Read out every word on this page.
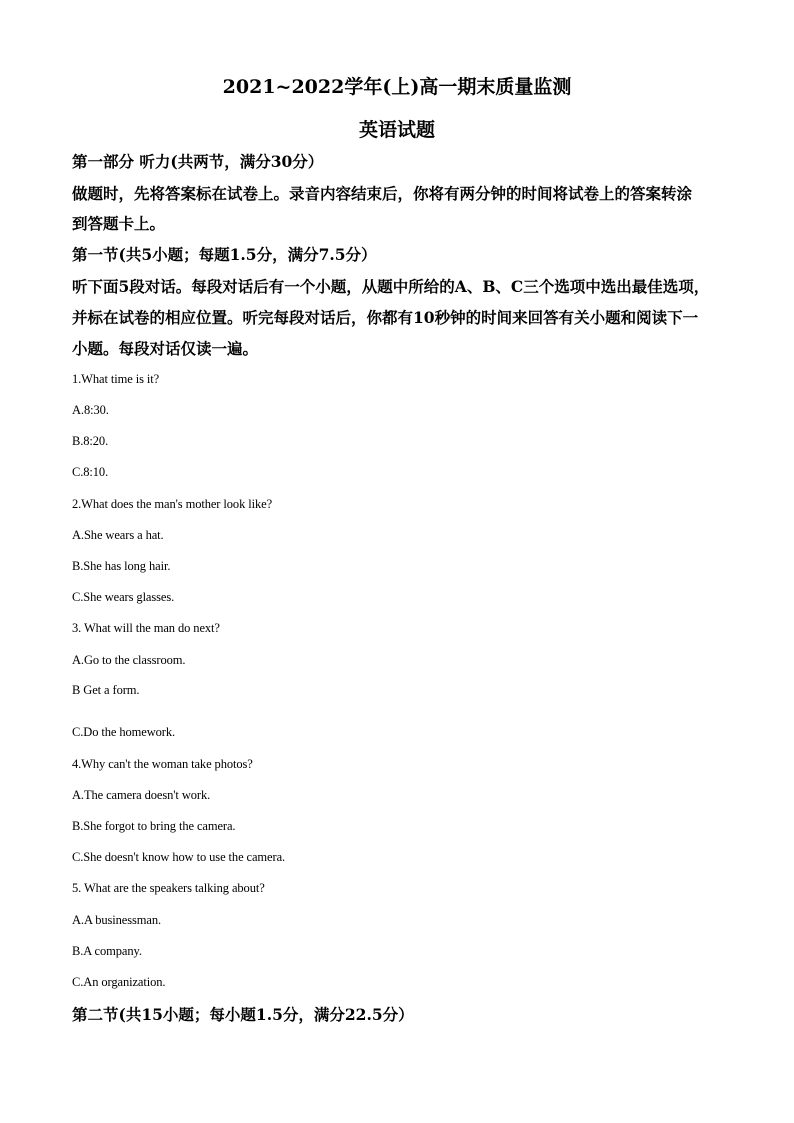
2021~2022学年(上)高一期末质量监测
英语试题
第一部分 听力(共两节，满分30分）
做题时，先将答案标在试卷上。录音内容结束后，你将有两分钟的时间将试卷上的答案转涂
到答题卡上。
第一节(共5小题；每题1.5分，满分7.5分）
听下面5段对话。每段对话后有一个小题，从题中所给的A、B、C三个选项中选出最佳选项，
并标在试卷的相应位置。听完每段对话后，你都有10秒钟的时间来回答有关小题和阅读下一
小题。每段对话仅读一遍。
1.What time is it?
A.8:30.
B.8:20.
C.8:10.
2.What does the man's mother look like?
A.She wears a hat.
B.She has long hair.
C.She wears glasses.
3. What will the man do next?
A.Go to the classroom.
B Get a form.
C.Do the homework.
4.Why can't the woman take photos?
A.The camera doesn't work.
B.She forgot to bring the camera.
C.She doesn't know how to use the camera.
5. What are the speakers talking about?
A.A businessman.
B.A company.
C.An organization.
第二节(共15小题；每小题1.5分，满分22.5分）
